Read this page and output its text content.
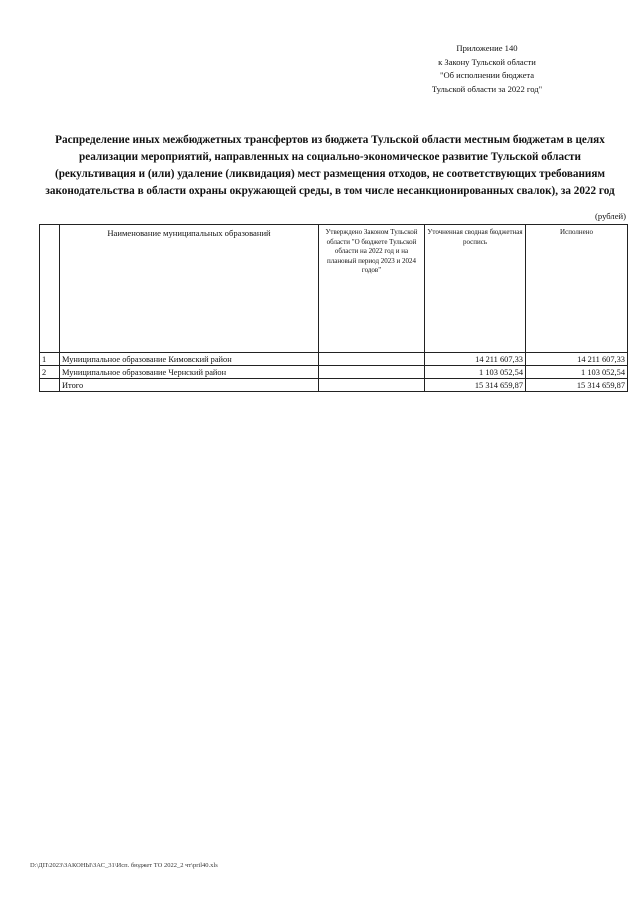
Приложение 140
к Закону Тульской области
"Об исполнении бюджета
Тульской области за 2022 год"
Распределение иных межбюджетных трансфертов из бюджета Тульской области местным бюджетам в целях реализации мероприятий, направленных на социально-экономическое развитие Тульской области (рекультивация и (или) удаление (ликвидация) мест размещения отходов, не соответствующих требованиям законодательства в области охраны окружающей среды, в том числе несанкционированных свалок), за 2022 год
(рублей)
	Наименование муниципальных образований	Утверждено Законом Тульской области "О бюджете Тульской области на 2022 год и на плановый период 2023 и 2024 годов"	Уточненная сводная бюджетная роспись	Исполнено
1	Муниципальное образование Кимовский район		14 211 607,33	14 211 607,33
2	Муниципальное образование Чернский район		1 103 052,54	1 103 052,54
	Итого		15 314 659,87	15 314 659,87
D:\ДП\2023\ЗАКОНЫ\ЗАС_31\Исп. бюджет ТО 2022_2 чт\pril40.xls
